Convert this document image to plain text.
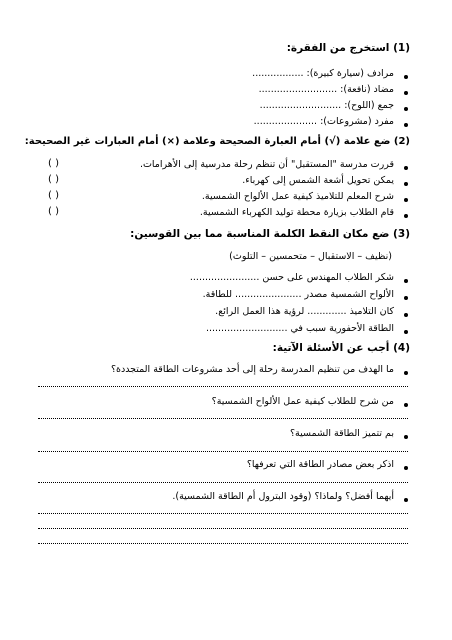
(1) استخرج من الفقرة:
مرادف (سيارة كبيرة): .................
مضاد (نافعة): ..........................
جمع (اللوح): ...........................
مفرد (مشروعات): .....................
(2) ضع علامة (√) أمام العبارة الصحيحة وعلامة (×) أمام العبارات غير الصحيحة:
قررت مدرسة "المستقبل" أن تنظم رحلة مدرسية إلى الأهرامات.
( )
يمكن تحويل أشعة الشمس إلى كهرباء.
( )
شرح المعلم للتلاميذ كيفية عمل الألواح الشمسية.
( )
قام الطلاب بزيارة محطة توليد الكهرباء الشمسية.
( )
(3) ضع مكان النقط الكلمة المناسبة مما بين القوسين:
(نظيف – الاستقبال – متحمسين – التلوث)
شكر الطلاب المهندس على حسن .......................
الألواح الشمسية مصدر ...................... للطاقة.
كان التلاميذ ............. لرؤية هذا العمل الرائع.
الطاقة الأحفورية سبب في ...........................
(4) أجب عن الأسئلة الآتية:
ما الهدف من تنظيم المدرسة رحلة إلى أحد مشروعات الطاقة المتجددة؟
من شرح للطلاب كيفية عمل الألواح الشمسية؟
بم تتميز الطاقة الشمسية؟
اذكر بعض مصادر الطاقة التي تعرفها؟
أيهما أفضل؟ ولماذا؟ (وقود البترول أم الطاقة الشمسية).
